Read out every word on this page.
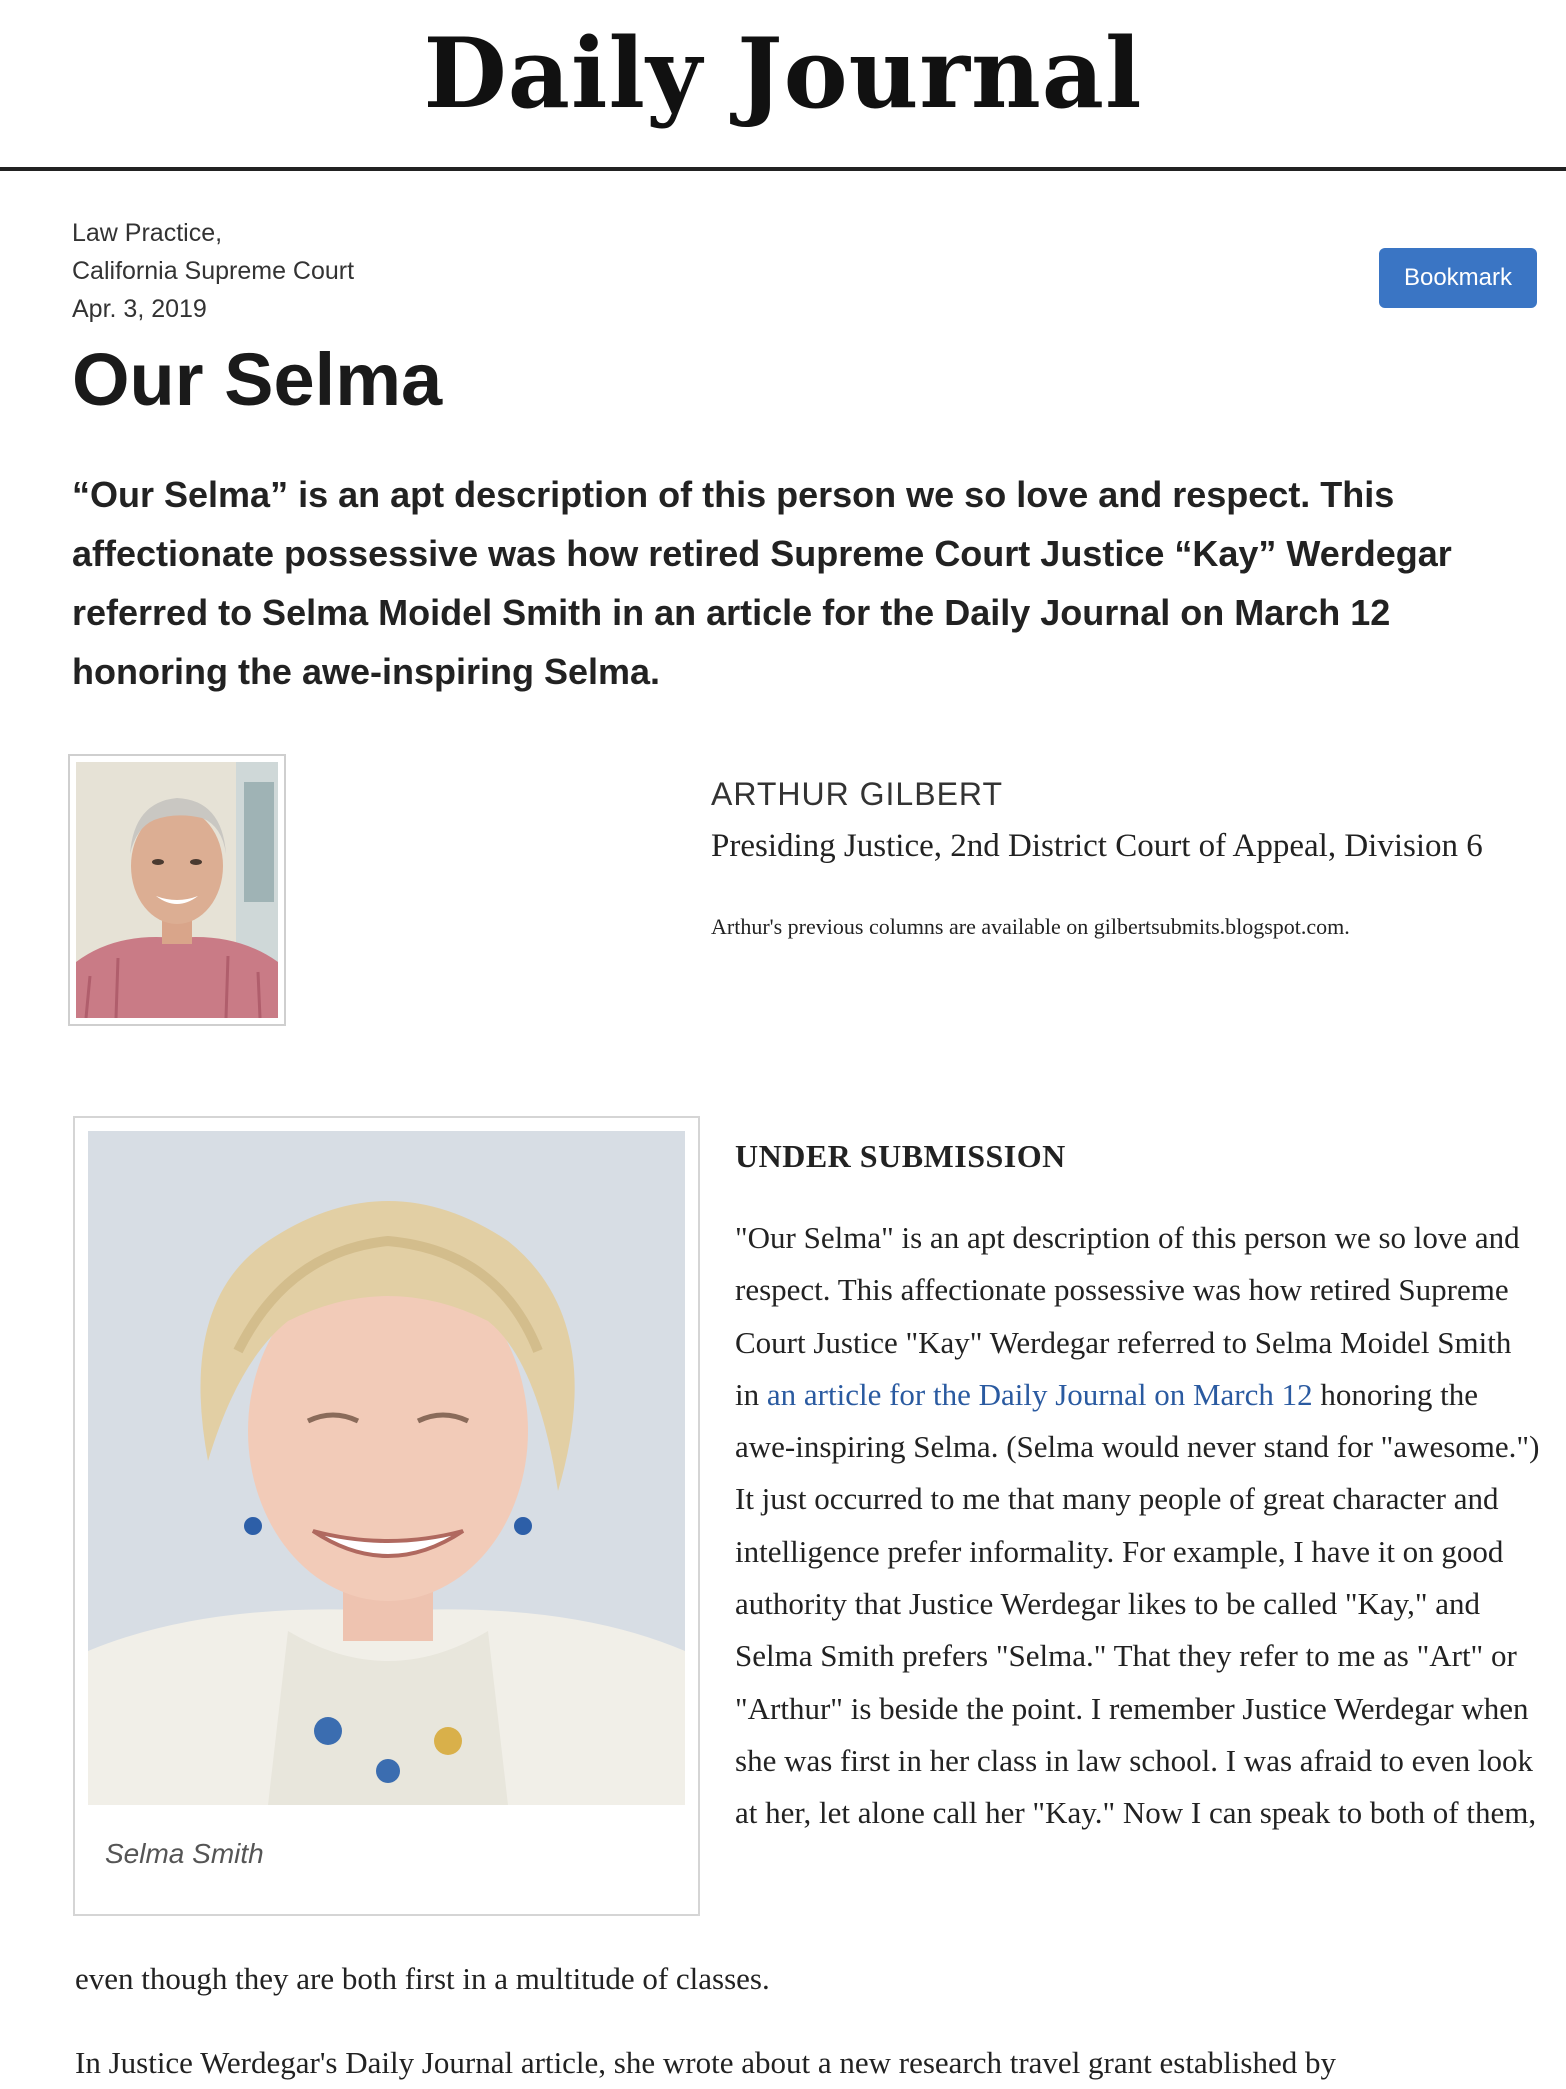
Daily Journal
Law Practice,
California Supreme Court
Apr. 3, 2019
Bookmark
Our Selma

“Our Selma” is an apt description of this person we so love and respect. This affectionate possessive was how retired Supreme Court Justice “Kay” Werdegar referred to Selma Moidel Smith in an article for the Daily Journal on March 12 honoring the awe-inspiring Selma.

ARTHUR GILBERT
Presiding Justice, 2nd District Court of Appeal, Division 6
Arthur's previous columns are available on gilbertsubmits.blogspot.com.
Selma Smith
UNDER SUBMISSION

"Our Selma" is an apt description of this person we so love and respect. This affectionate possessive was how retired Supreme Court Justice "Kay" Werdegar referred to Selma Moidel Smith in an article for the Daily Journal on March 12 honoring the awe-inspiring Selma. (Selma would never stand for "awesome.") It just occurred to me that many people of great character and intelligence prefer informality. For example, I have it on good authority that Justice Werdegar likes to be called "Kay," and Selma Smith prefers "Selma." That they refer to me as "Art" or "Arthur" is beside the point. I remember Justice Werdegar when she was first in her class in law school. I was afraid to even look at her, let alone call her "Kay." Now I can speak to both of them,

even though they are both first in a multitude of classes.

In Justice Werdegar's Daily Journal article, she wrote about a new research travel grant established by
